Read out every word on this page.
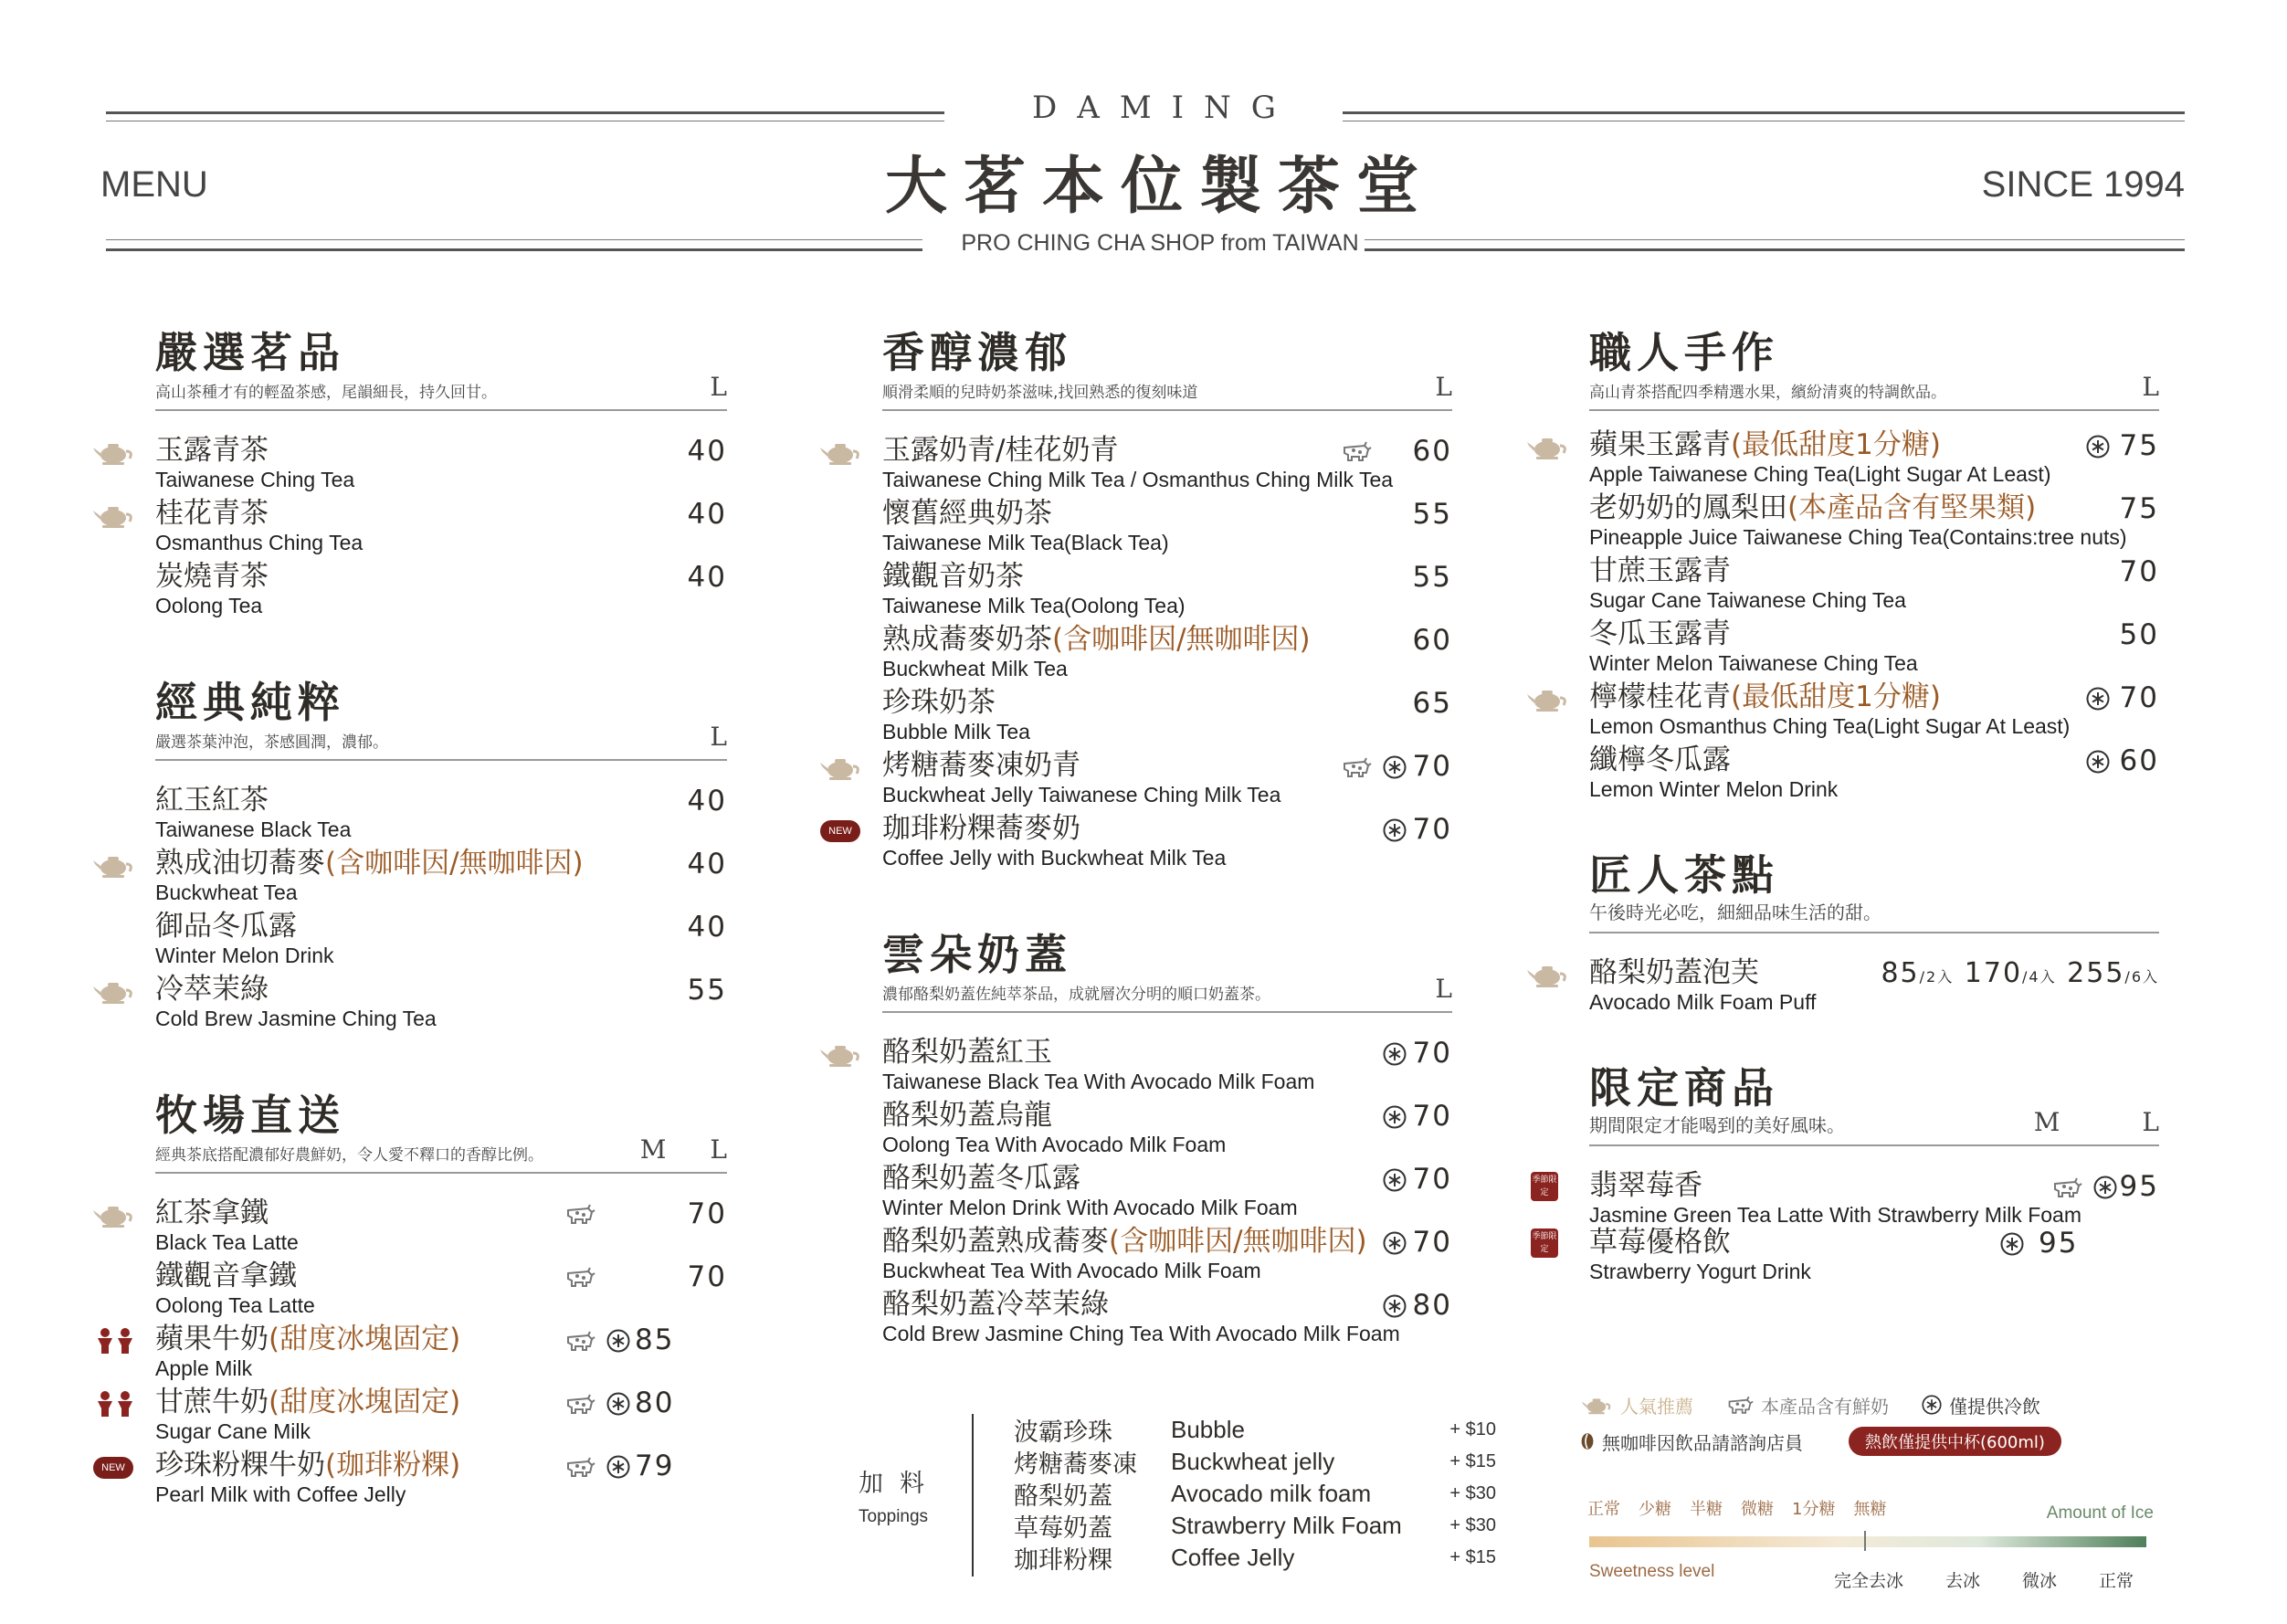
DAMING
大茗本位製茶堂
PRO CHING CHA SHOP from TAIWAN
MENU	SINCE 1994
嚴選茗品
高山茶種才有的輕盈茶感，尾韻細長，持久回甘。	L
玉露青茶
Taiwanese Ching Tea
40
桂花青茶
Osmanthus Ching Tea
40
炭燒青茶
Oolong Tea
40
經典純粹
嚴選茶葉沖泡，茶感圓潤，濃郁。	L
紅玉紅茶
Taiwanese Black Tea
40
熟成油切蕎麥(含咖啡因/無咖啡因)
Buckwheat Tea
40
御品冬瓜露
Winter Melon Drink
40
冷萃茉綠
Cold Brew Jasmine Ching Tea
55
牧場直送
經典茶底搭配濃郁好農鮮奶，令人愛不釋口的香醇比例。	M L
紅茶拿鐵
Black Tea Latte
70
鐵觀音拿鐵
Oolong Tea Latte
70
蘋果牛奶(甜度冰塊固定)
Apple Milk
85
甘蔗牛奶(甜度冰塊固定)
Sugar Cane Milk
80
NEW 珍珠粉粿牛奶(珈琲粉粿)
Pearl Milk with Coffee Jelly
79
香醇濃郁
順滑柔順的兒時奶茶滋味,找回熟悉的復刻味道	L
玉露奶青/桂花奶青
Taiwanese Ching Milk Tea / Osmanthus Ching Milk Tea
60
懷舊經典奶茶
Taiwanese Milk Tea(Black Tea)
55
鐵觀音奶茶
Taiwanese Milk Tea(Oolong Tea)
55
熟成蕎麥奶茶(含咖啡因/無咖啡因)
Buckwheat Milk Tea
60
珍珠奶茶
Bubble Milk Tea
65
烤糖蕎麥凍奶青
Buckwheat Jelly Taiwanese Ching Milk Tea
70
NEW 珈琲粉粿蕎麥奶
Coffee Jelly with Buckwheat Milk Tea
70
雲朵奶蓋
濃郁酪梨奶蓋佐純萃茶品，成就層次分明的順口奶蓋茶。	L
酪梨奶蓋紅玉
Taiwanese Black Tea With Avocado Milk Foam
70
酪梨奶蓋烏龍
Oolong Tea With Avocado Milk Foam
70
酪梨奶蓋冬瓜露
Winter Melon Drink With Avocado Milk Foam
70
酪梨奶蓋熟成蕎麥(含咖啡因/無咖啡因)
Buckwheat Tea With Avocado Milk Foam
70
酪梨奶蓋冷萃茉綠
Cold Brew Jasmine Ching Tea With Avocado Milk Foam
80
職人手作
高山青茶搭配四季精選水果，繽紛清爽的特調飲品。	L
蘋果玉露青(最低甜度1分糖)
Apple Taiwanese Ching Tea(Light Sugar At Least)
75
老奶奶的鳳梨田(本產品含有堅果類)
Pineapple Juice Taiwanese Ching Tea(Contains:tree nuts)
75
甘蔗玉露青
Sugar Cane Taiwanese Ching Tea
70
冬瓜玉露青
Winter Melon Taiwanese Ching Tea
50
檸檬桂花青(最低甜度1分糖)
Lemon Osmanthus Ching Tea(Light Sugar At Least)
70
纖檸冬瓜露
Lemon Winter Melon Drink
60
匠人茶點
午後時光必吃，細細品味生活的甜。
酪梨奶蓋泡芙
Avocado Milk Foam Puff
85/2入 170/4入 255/6入
限定商品
期間限定才能喝到的美好風味。	M	L
季節限定	翡翠莓香
Jasmine Green Tea Latte With Strawberry Milk Foam
95
季節限定	草莓優格飲
Strawberry Yogurt Drink
95
加料
Toppings
波霸珍珠	Bubble	+ $10
烤糖蕎麥凍	Buckwheat jelly	+ $15
酪梨奶蓋	Avocado milk foam	+ $30
草莓奶蓋	Strawberry Milk Foam	+ $30
珈琲粉粿	Coffee Jelly	+ $15
人氣推薦	本產品含有鮮奶	僅提供冷飲
無咖啡因飲品請諮詢店員	熱飲僅提供中杯(600ml)
正常 少糖 半糖 微糖 1分糖 無糖	Amount of Ice
Sweetness level	完全去冰 去冰 微冰 正常
